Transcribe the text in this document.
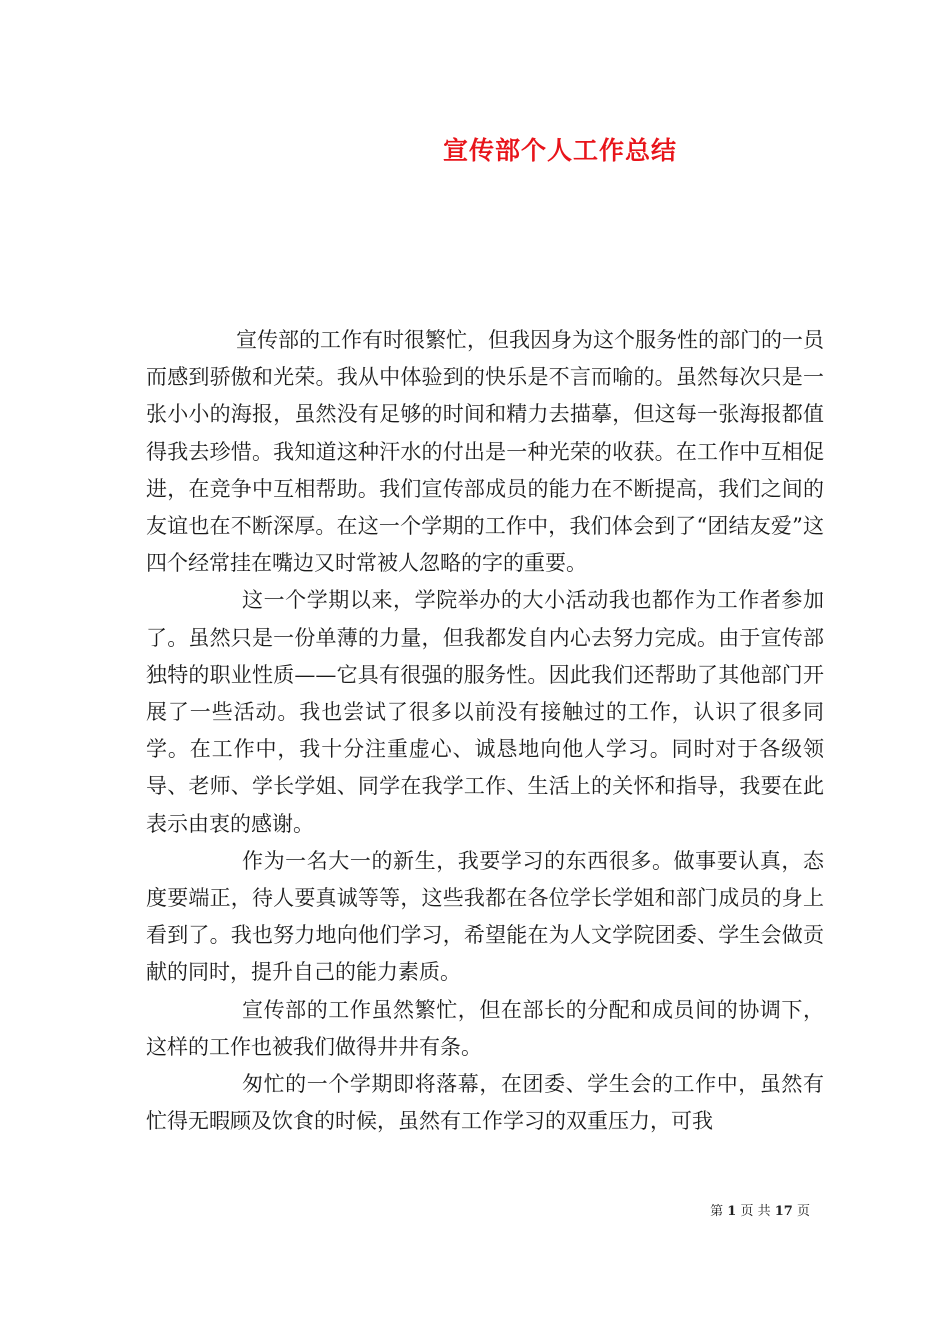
宣传部个人工作总结

宣传部的工作有时很繁忙，但我因身为这个服务性的部门的一员而感到骄傲和光荣。我从中体验到的快乐是不言而喻的。虽然每次只是一张小小的海报，虽然没有足够的时间和精力去描摹，但这每一张海报都值得我去珍惜。我知道这种汗水的付出是一种光荣的收获。在工作中互相促进，在竞争中互相帮助。我们宣传部成员的能力在不断提高，我们之间的友谊也在不断深厚。在这一个学期的工作中，我们体会到了“团结友爱”这四个经常挂在嘴边又时常被人忽略的字的重要。

这一个学期以来，学院举办的大小活动我也都作为工作者参加了。虽然只是一份单薄的力量，但我都发自内心去努力完成。由于宣传部独特的职业性质——它具有很强的服务性。因此我们还帮助了其他部门开展了一些活动。我也尝试了很多以前没有接触过的工作，认识了很多同学。在工作中，我十分注重虚心、诚恳地向他人学习。同时对于各级领导、老师、学长学姐、同学在我学工作、生活上的关怀和指导，我要在此表示由衷的感谢。

作为一名大一的新生，我要学习的东西很多。做事要认真，态度要端正，待人要真诚等等，这些我都在各位学长学姐和部门成员的身上看到了。我也努力地向他们学习，希望能在为人文学院团委、学生会做贡献的同时，提升自己的能力素质。

宣传部的工作虽然繁忙，但在部长的分配和成员间的协调下，这样的工作也被我们做得井井有条。

匆忙的一个学期即将落幕，在团委、学生会的工作中，虽然有忙得无暇顾及饮食的时候，虽然有工作学习的双重压力，可我

第 1 页 共 17 页
